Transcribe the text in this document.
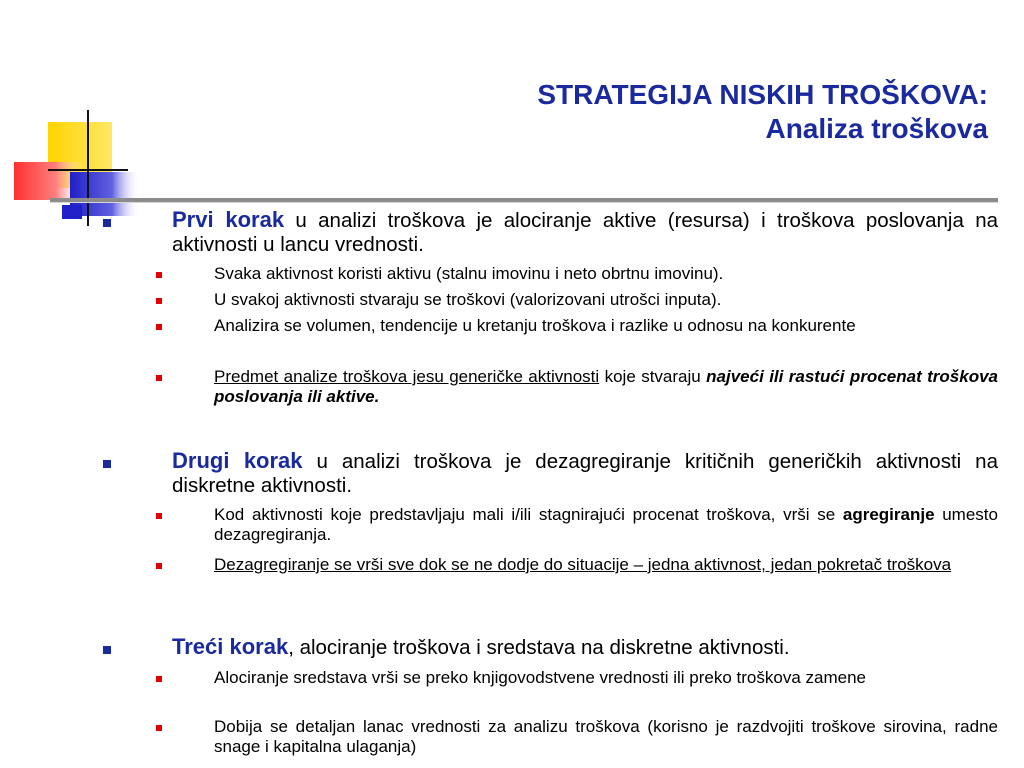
STRATEGIJA NISKIH TROŠKOVA:
Analiza troškova
Prvi korak u analizi troškova je alociranje aktive (resursa) i troškova poslovanja na aktivnosti u lancu vrednosti.
Svaka aktivnost koristi aktivu (stalnu imovinu i neto obrtnu imovinu).
U svakoj aktivnosti stvaraju se troškovi (valorizovani utrošci inputa).
Analizira se volumen, tendencije u kretanju troškova i razlike u odnosu na konkurente
Predmet analize troškova jesu generičke aktivnosti koje stvaraju najveći ili rastući procenat troškova poslovanja ili aktive.
Drugi korak u analizi troškova je dezagregiranje kritičnih generičkih aktivnosti na diskretne aktivnosti.
Kod aktivnosti koje predstavljaju mali i/ili stagnirajući procenat troškova, vrši se agregiranje umesto dezagregiranja.
Dezagregiranje se vrši sve dok se ne dodje do situacije – jedna aktivnost, jedan pokretač troškova
Treći korak, alociranje troškova i sredstava na diskretne aktivnosti.
Alociranje sredstava vrši se preko knjigovodstvene vrednosti ili preko troškova zamene
Dobija se detaljan lanac vrednosti za analizu troškova (korisno je razdvojiti troškove sirovina, radne snage i kapitalna ulaganja)
